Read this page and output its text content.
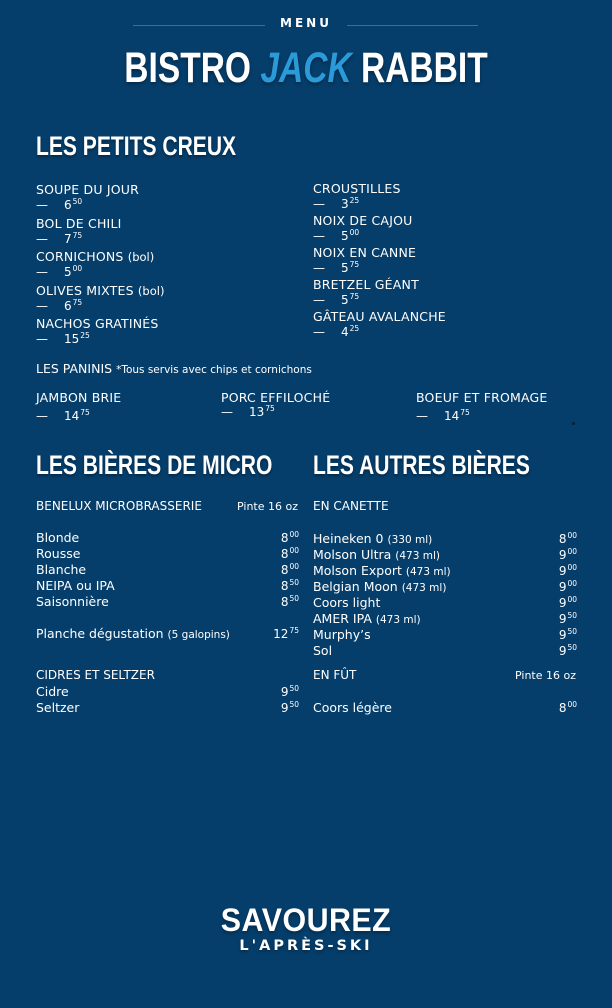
MENU
BISTRO JACK RABBIT
LES PETITS CREUX
SOUPE DU JOUR
— $6^{50}$
BOL DE CHILI
— $7^{75}$
CORNICHONS (bol)
— $5^{00}$
OLIVES MIXTES (bol)
— $6^{75}$
NACHOS GRATINÉS
— $15^{25}$
CROUSTILLES
— $3^{25}$
NOIX DE CAJOU
— $5^{00}$
NOIX EN CANNE
— $5^{75}$
BRETZEL GÉANT
— $5^{75}$
GÂTEAU AVALANCHE
— $4^{25}$
LES PANINIS *Tous servis avec chips et cornichons
JAMBON BRIE
— $14^{75}$
PORC EFFILOCHÉ
— $13^{75}$
BOEUF ET FROMAGE
— $14^{75}$
LES BIÈRES DE MICRO
BENELUX MICROBRASSERIE	Pinte 16 oz
Blonde	$8^{00}$
Rousse	$8^{00}$
Blanche	$8^{00}$
NEIPA ou IPA	$8^{50}$
Saisonnière	$8^{50}$
Planche dégustation (5 galopins)	$12^{75}$
CIDRES ET SELTZER
Cidre	$9^{50}$
Seltzer	$9^{50}$
LES AUTRES BIÈRES
EN CANETTE
Heineken 0 (330 ml)	$8^{00}$
Molson Ultra (473 ml)	$9^{00}$
Molson Export (473 ml)	$9^{00}$
Belgian Moon (473 ml)	$9^{00}$
Coors light	$9^{00}$
AMER IPA (473 ml)	$9^{50}$
Murphy’s	$9^{50}$
Sol	$9^{50}$
EN FÛT	Pinte 16 oz
Coors légère	$8^{00}$
SAVOUREZ
L'APRÈS-SKI
